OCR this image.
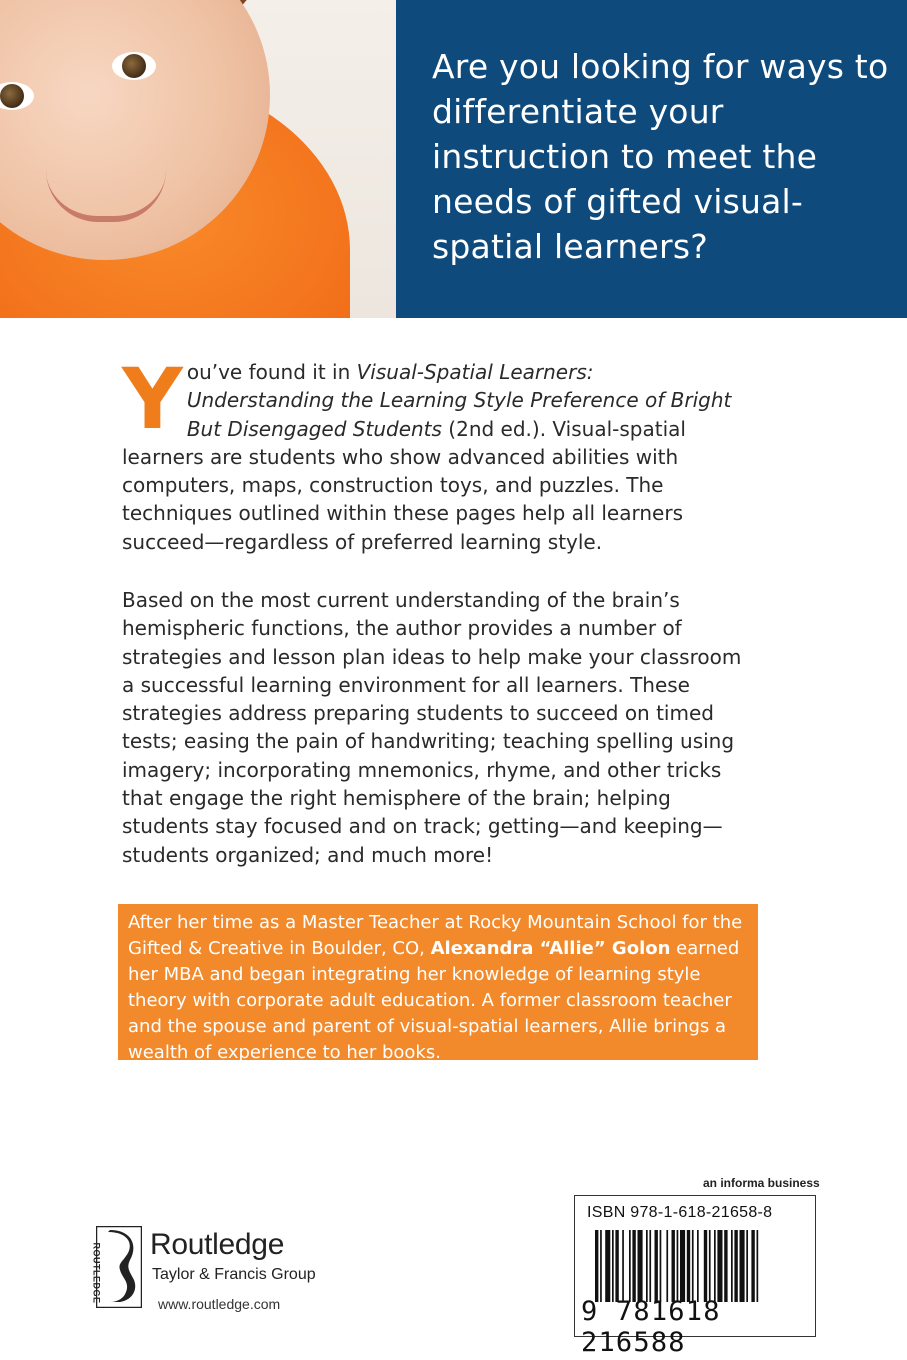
Are you looking for ways to differentiate your instruction to meet the needs of gifted visual-spatial learners?

You’ve found it in Visual-Spatial Learners: Understanding the Learning Style Preference of Bright But Disengaged Students (2nd ed.). Visual-spatial learners are students who show advanced abilities with computers, maps, construction toys, and puzzles. The techniques outlined within these pages help all learners succeed—regardless of preferred learning style.

Based on the most current understanding of the brain’s hemispheric functions, the author provides a number of strategies and lesson plan ideas to help make your classroom a successful learning environment for all learners. These strategies address preparing students to succeed on timed tests; easing the pain of handwriting; teaching spelling using imagery; incorporating mnemonics, rhyme, and other tricks that engage the right hemisphere of the brain; helping students stay focused and on track; getting—and keeping—students organized; and much more!

After her time as a Master Teacher at Rocky Mountain School for the Gifted & Creative in Boulder, CO, Alexandra “Allie” Golon earned her MBA and began integrating her knowledge of learning style theory with corporate adult education. A former classroom teacher and the spouse and parent of visual-spatial learners, Allie brings a wealth of experience to her books.

ROUTLEDGE Routledge

Taylor & Francis Group

www.routledge.com

an informa business

ISBN 978-1-618-21658-8

9 781618 216588
